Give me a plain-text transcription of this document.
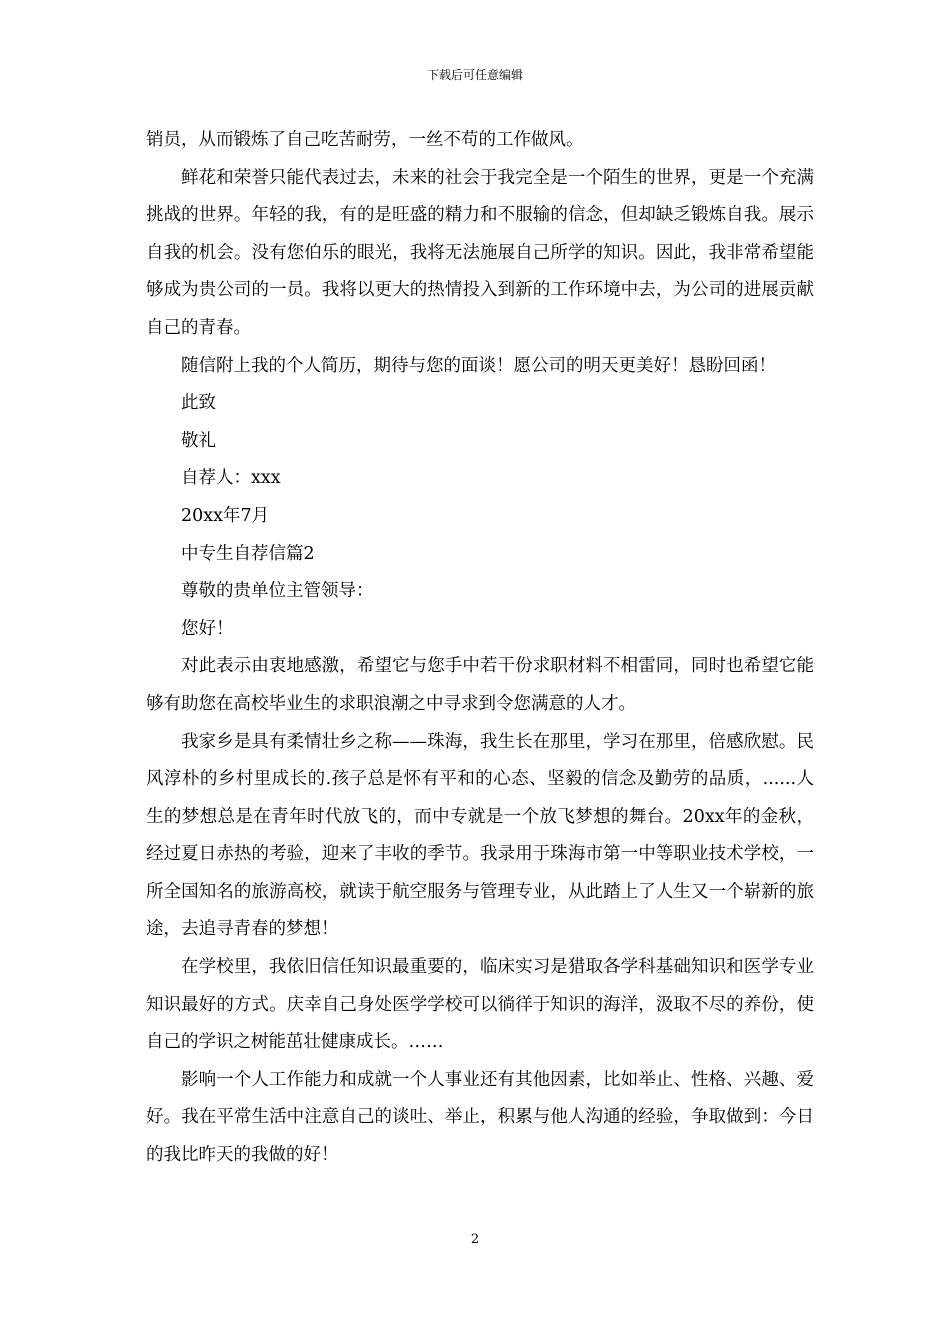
下载后可任意编辑

销员，从而锻炼了自己吃苦耐劳，一丝不苟的工作做风。

鲜花和荣誉只能代表过去，未来的社会于我完全是一个陌生的世界，更是一个充满挑战的世界。年轻的我，有的是旺盛的精力和不服输的信念，但却缺乏锻炼自我。展示自我的机会。没有您伯乐的眼光，我将无法施展自己所学的知识。因此，我非常希望能够成为贵公司的一员。我将以更大的热情投入到新的工作环境中去，为公司的进展贡献自己的青春。

随信附上我的个人简历，期待与您的面谈！愿公司的明天更美好！恳盼回函！

此致

敬礼

自荐人：xxx

20xx年7月

中专生自荐信篇2

尊敬的贵单位主管领导：

您好！

对此表示由衷地感激，希望它与您手中若干份求职材料不相雷同，同时也希望它能够有助您在高校毕业生的求职浪潮之中寻求到令您满意的人才。

我家乡是具有柔情壮乡之称——珠海，我生长在那里，学习在那里，倍感欣慰。民风淳朴的乡村里成长的.孩子总是怀有平和的心态、坚毅的信念及勤劳的品质，......人生的梦想总是在青年时代放飞的，而中专就是一个放飞梦想的舞台。20xx年的金秋，经过夏日赤热的考验，迎来了丰收的季节。我录用于珠海市第一中等职业技术学校，一所全国知名的旅游高校，就读于航空服务与管理专业，从此踏上了人生又一个崭新的旅途，去追寻青春的梦想！

在学校里，我依旧信任知识最重要的，临床实习是猎取各学科基础知识和医学专业知识最好的方式。庆幸自己身处医学学校可以徜徉于知识的海洋，汲取不尽的养份，使自己的学识之树能茁壮健康成长。……

影响一个人工作能力和成就一个人事业还有其他因素，比如举止、性格、兴趣、爱好。我在平常生活中注意自己的谈吐、举止，积累与他人沟通的经验，争取做到：今日的我比昨天的我做的好！

2
